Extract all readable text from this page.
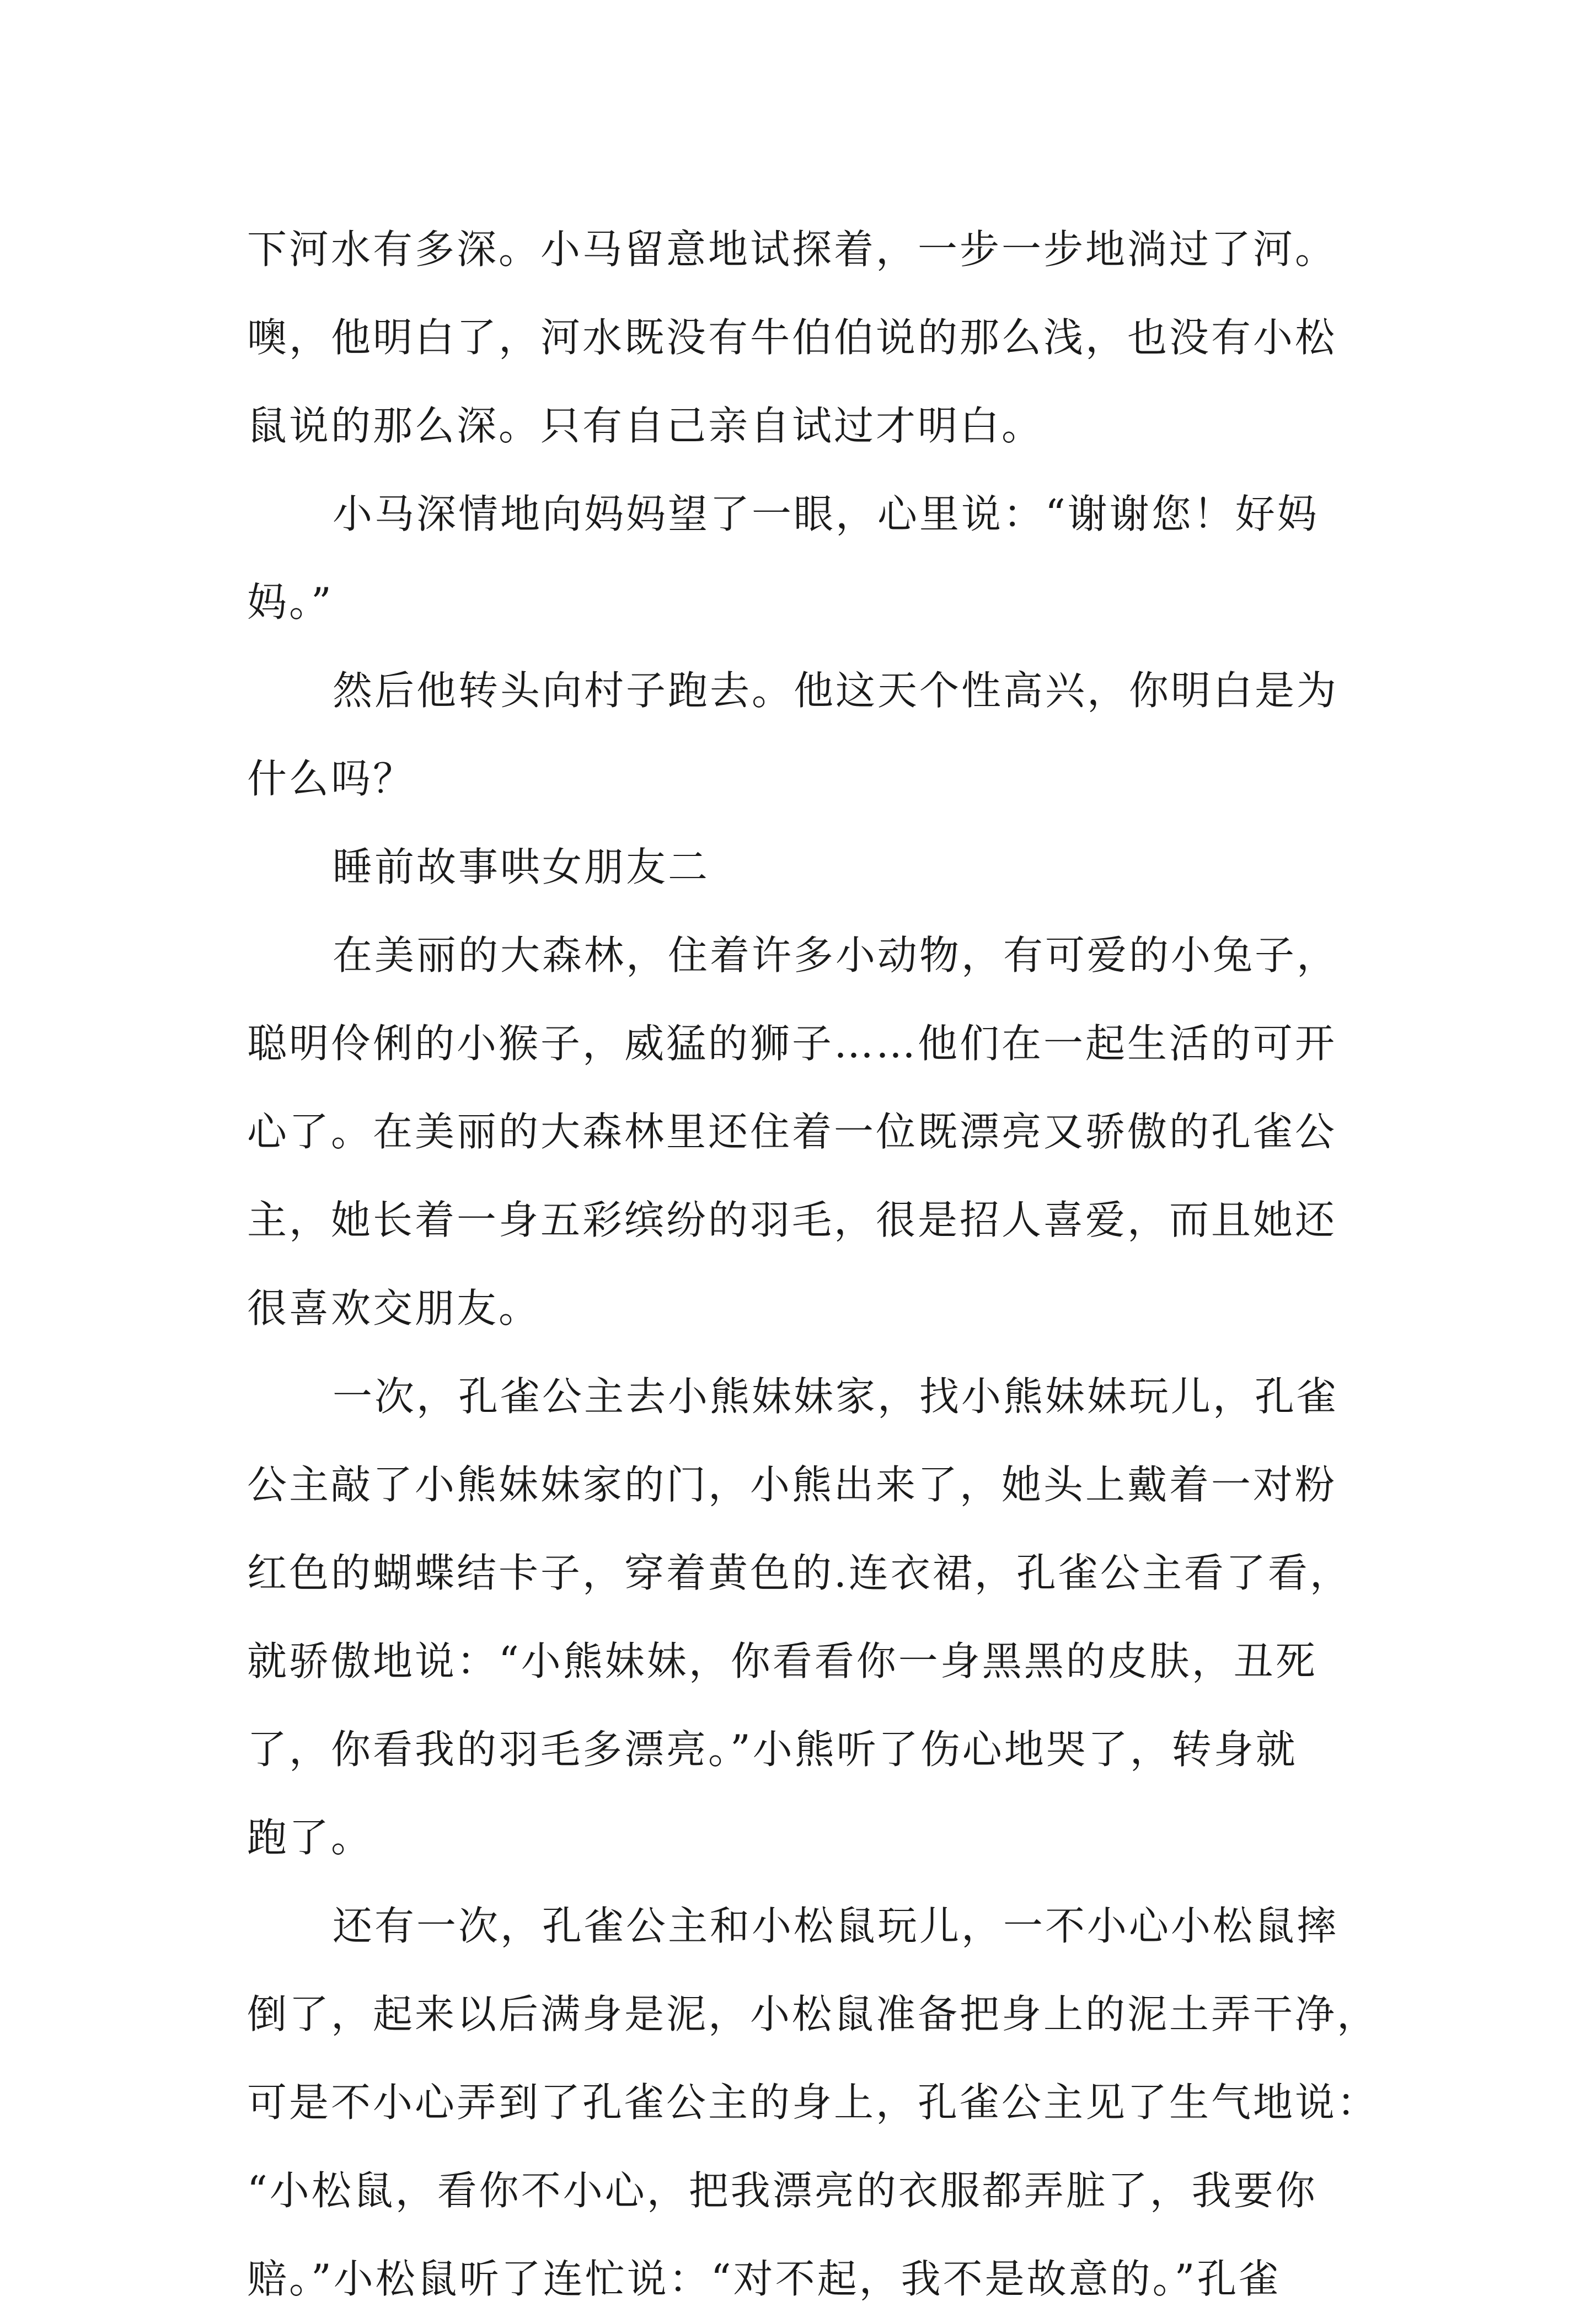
下河水有多深。小马留意地试探着，一步一步地淌过了河。
噢，他明白了，河水既没有牛伯伯说的那么浅，也没有小松
鼠说的那么深。只有自己亲自试过才明白。
小马深情地向妈妈望了一眼，心里说：“谢谢您！好妈
妈。”
然后他转头向村子跑去。他这天个性高兴，你明白是为
什么吗？
睡前故事哄女朋友二
在美丽的大森林，住着许多小动物，有可爱的小兔子，
聪明伶俐的小猴子，威猛的狮子……他们在一起生活的可开
心了。在美丽的大森林里还住着一位既漂亮又骄傲的孔雀公
主，她长着一身五彩缤纷的羽毛，很是招人喜爱，而且她还
很喜欢交朋友。
一次，孔雀公主去小熊妹妹家，找小熊妹妹玩儿，孔雀
公主敲了小熊妹妹家的门，小熊出来了，她头上戴着一对粉
红色的蝴蝶结卡子，穿着黄色的.连衣裙，孔雀公主看了看，
就骄傲地说：“小熊妹妹，你看看你一身黑黑的皮肤，丑死
了，你看我的羽毛多漂亮。”小熊听了伤心地哭了，转身就
跑了。
还有一次，孔雀公主和小松鼠玩儿，一不小心小松鼠摔
倒了，起来以后满身是泥，小松鼠准备把身上的泥土弄干净，
可是不小心弄到了孔雀公主的身上，孔雀公主见了生气地说：
“小松鼠，看你不小心，把我漂亮的衣服都弄脏了，我要你
赔。”小松鼠听了连忙说：“对不起，我不是故意的。”孔雀
